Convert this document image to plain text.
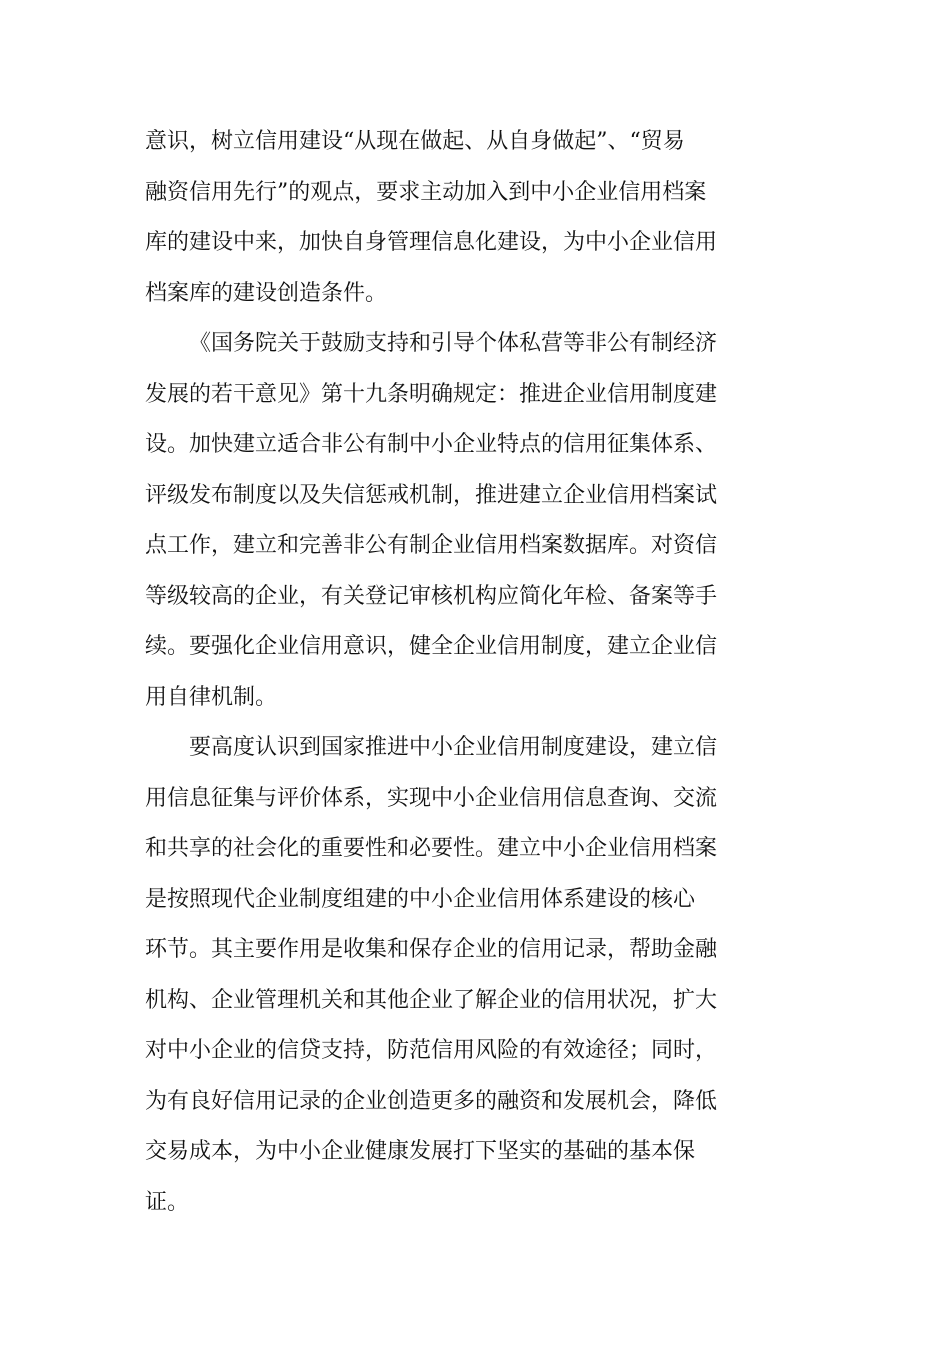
意识，树立信用建设“从现在做起、从自身做起”、“贸易
融资信用先行”的观点，要求主动加入到中小企业信用档案
库的建设中来，加快自身管理信息化建设，为中小企业信用
档案库的建设创造条件。
《国务院关于鼓励支持和引导个体私营等非公有制经济
发展的若干意见》第十九条明确规定：推进企业信用制度建
设。加快建立适合非公有制中小企业特点的信用征集体系、
评级发布制度以及失信惩戒机制，推进建立企业信用档案试
点工作，建立和完善非公有制企业信用档案数据库。对资信
等级较高的企业，有关登记审核机构应简化年检、备案等手
续。要强化企业信用意识，健全企业信用制度，建立企业信
用自律机制。
要高度认识到国家推进中小企业信用制度建设，建立信
用信息征集与评价体系，实现中小企业信用信息查询、交流
和共享的社会化的重要性和必要性。建立中小企业信用档案
是按照现代企业制度组建的中小企业信用体系建设的核心
环节。其主要作用是收集和保存企业的信用记录，帮助金融
机构、企业管理机关和其他企业了解企业的信用状况，扩大
对中小企业的信贷支持，防范信用风险的有效途径；同时，
为有良好信用记录的企业创造更多的融资和发展机会，降低
交易成本，为中小企业健康发展打下坚实的基础的基本保
证。
